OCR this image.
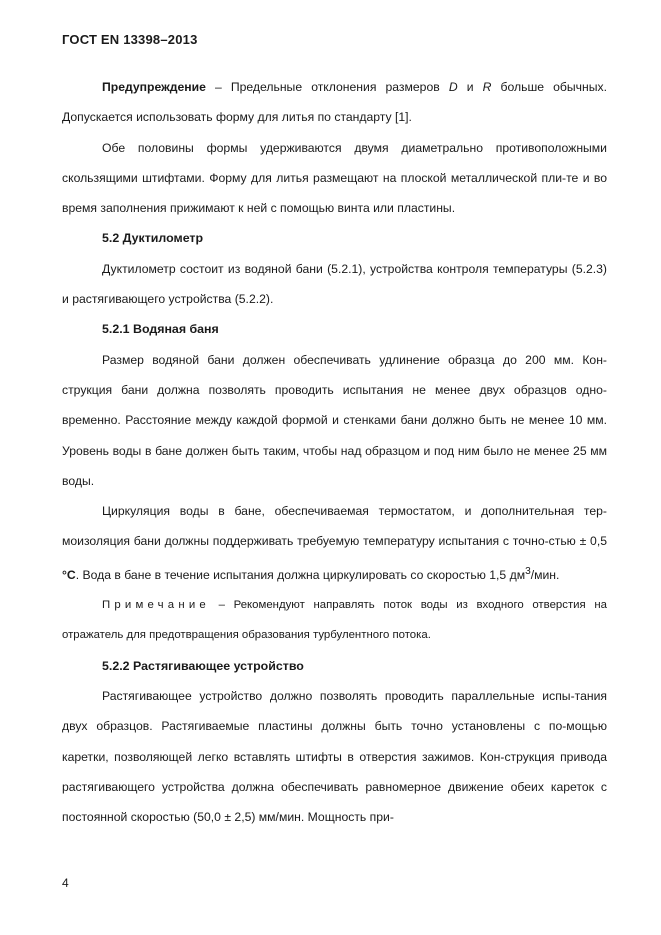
ГОСТ EN 13398–2013

Предупреждение – Предельные отклонения размеров D и R больше обычных. Допускается использовать форму для литья по стандарту [1].

Обе половины формы удерживаются двумя диаметрально противоположными скользящими штифтами. Форму для литья размещают на плоской металлической пли-те и во время заполнения прижимают к ней с помощью винта или пластины.

5.2 Дуктилометр

Дуктилометр состоит из водяной бани (5.2.1), устройства контроля температуры (5.2.3) и растягивающего устройства (5.2.2).

5.2.1 Водяная баня

Размер водяной бани должен обеспечивать удлинение образца до 200 мм. Кон-струкция бани должна позволять проводить испытания не менее двух образцов одно-временно. Расстояние между каждой формой и стенками бани должно быть не менее 10 мм. Уровень воды в бане должен быть таким, чтобы над образцом и под ним было не менее 25 мм воды.

Циркуляция воды в бане, обеспечиваемая термостатом, и дополнительная тер-моизоляция бани должны поддерживать требуемую температуру испытания с точно-стью ± 0,5 °С. Вода в бане в течение испытания должна циркулировать со скоростью 1,5 $дм^3$/мин.

Примечание – Рекомендуют направлять поток воды из входного отверстия на отражатель для предотвращения образования турбулентного потока.

5.2.2 Растягивающее устройство

Растягивающее устройство должно позволять проводить параллельные испы-тания двух образцов. Растягиваемые пластины должны быть точно установлены с по-мощью каретки, позволяющей легко вставлять штифты в отверстия зажимов. Кон-струкция привода растягивающего устройства должна обеспечивать равномерное движение обеих кареток с постоянной скоростью (50,0 ± 2,5) мм/мин. Мощность при-

4
